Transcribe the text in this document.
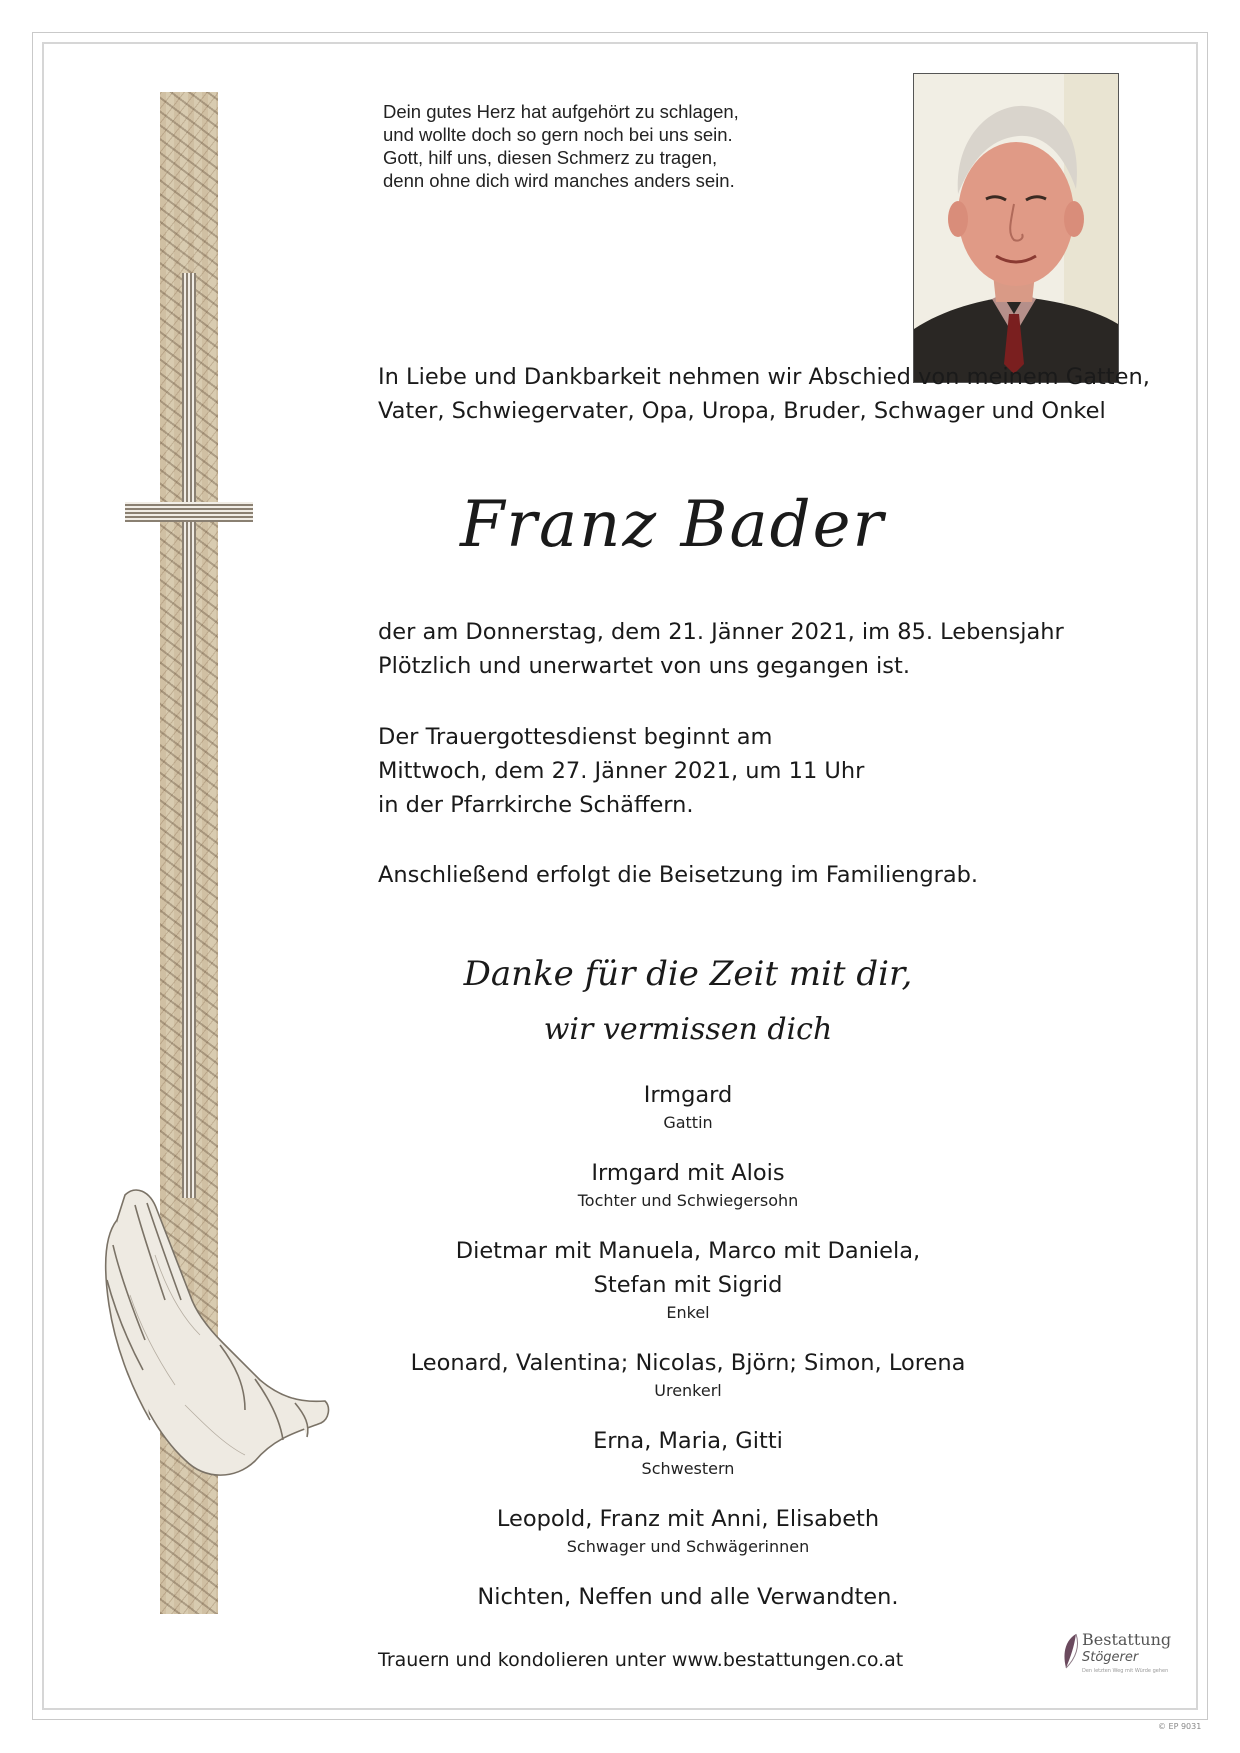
Dein gutes Herz hat aufgehört zu schlagen,
und wollte doch so gern noch bei uns sein.
Gott, hilf uns, diesen Schmerz zu tragen,
denn ohne dich wird manches anders sein.
In Liebe und Dankbarkeit nehmen wir Abschied von meinem Gatten,
Vater, Schwiegervater, Opa, Uropa, Bruder, Schwager und Onkel
Franz Bader
der am Donnerstag, dem 21. Jänner 2021, im 85. Lebensjahr
Plötzlich und unerwartet von uns gegangen ist.
Der Trauergottesdienst beginnt am
Mittwoch, dem 27. Jänner 2021, um 11 Uhr
in der Pfarrkirche Schäffern.
Anschließend erfolgt die Beisetzung im Familiengrab.
Danke für die Zeit mit dir,
wir vermissen dich
Irmgard
Gattin
Irmgard mit Alois
Tochter und Schwiegersohn
Dietmar mit Manuela, Marco mit Daniela,
Stefan mit Sigrid
Enkel
Leonard, Valentina; Nicolas, Björn; Simon, Lorena
Urenkerl
Erna, Maria, Gitti
Schwestern
Leopold, Franz mit Anni, Elisabeth
Schwager und Schwägerinnen
Nichten, Neffen und alle Verwandten.
Trauern und kondolieren unter www.bestattungen.co.at
Bestattung
Stögerer
Den letzten Weg mit Würde gehen
© EP 9031
